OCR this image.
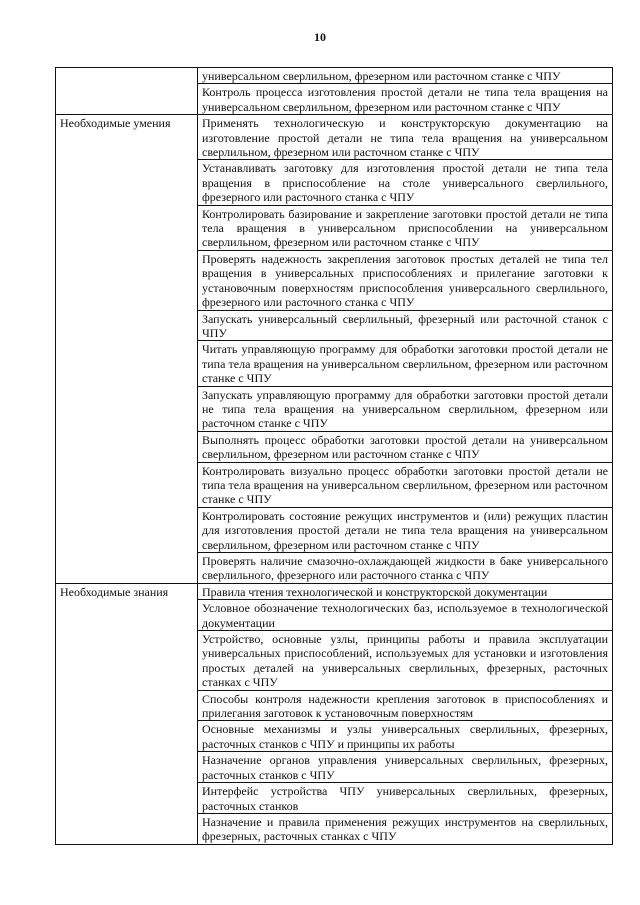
10
	универсальном сверлильном, фрезерном или расточном станке с ЧПУ
	Контроль процесса изготовления простой детали не типа тела вращения на универсальном сверлильном, фрезерном или расточном станке с ЧПУ
Необходимые умения	Применять технологическую и конструкторскую документацию на изготовление простой детали не типа тела вращения на универсальном сверлильном, фрезерном или расточном станке с ЧПУ
	Устанавливать заготовку для изготовления простой детали не типа тела вращения в приспособление на столе универсального сверлильного, фрезерного или расточного станка с ЧПУ
	Контролировать базирование и закрепление заготовки простой детали не типа тела вращения в универсальном приспособлении на универсальном сверлильном, фрезерном или расточном станке с ЧПУ
	Проверять надежность закрепления заготовок простых деталей не типа тел вращения в универсальных приспособлениях и прилегание заготовки к установочным поверхностям приспособления универсального сверлильного, фрезерного или расточного станка с ЧПУ
	Запускать универсальный сверлильный, фрезерный или расточной станок с ЧПУ
	Читать управляющую программу для обработки заготовки простой детали не типа тела вращения на универсальном сверлильном, фрезерном или расточном станке с ЧПУ
	Запускать управляющую программу для обработки заготовки простой детали не типа тела вращения на универсальном сверлильном, фрезерном или расточном станке с ЧПУ
	Выполнять процесс обработки заготовки простой детали на универсальном сверлильном, фрезерном или расточном станке с ЧПУ
	Контролировать визуально процесс обработки заготовки простой детали не типа тела вращения на универсальном сверлильном, фрезерном или расточном станке с ЧПУ
	Контролировать состояние режущих инструментов и (или) режущих пластин для изготовления простой детали не типа тела вращения на универсальном сверлильном, фрезерном или расточном станке с ЧПУ
	Проверять наличие смазочно-охлаждающей жидкости в баке универсального сверлильного, фрезерного или расточного станка с ЧПУ
Необходимые знания	Правила чтения технологической и конструкторской документации
	Условное обозначение технологических баз, используемое в технологической документации
	Устройство, основные узлы, принципы работы и правила эксплуатации универсальных приспособлений, используемых для установки и изготовления простых деталей на универсальных сверлильных, фрезерных, расточных станках с ЧПУ
	Способы контроля надежности крепления заготовок в приспособлениях и прилегания заготовок к установочным поверхностям
	Основные механизмы и узлы универсальных сверлильных, фрезерных, расточных станков с ЧПУ и принципы их работы
	Назначение органов управления универсальных сверлильных, фрезерных, расточных станков с ЧПУ
	Интерфейс устройства ЧПУ универсальных сверлильных, фрезерных, расточных станков
	Назначение и правила применения режущих инструментов на сверлильных, фрезерных, расточных станках с ЧПУ
